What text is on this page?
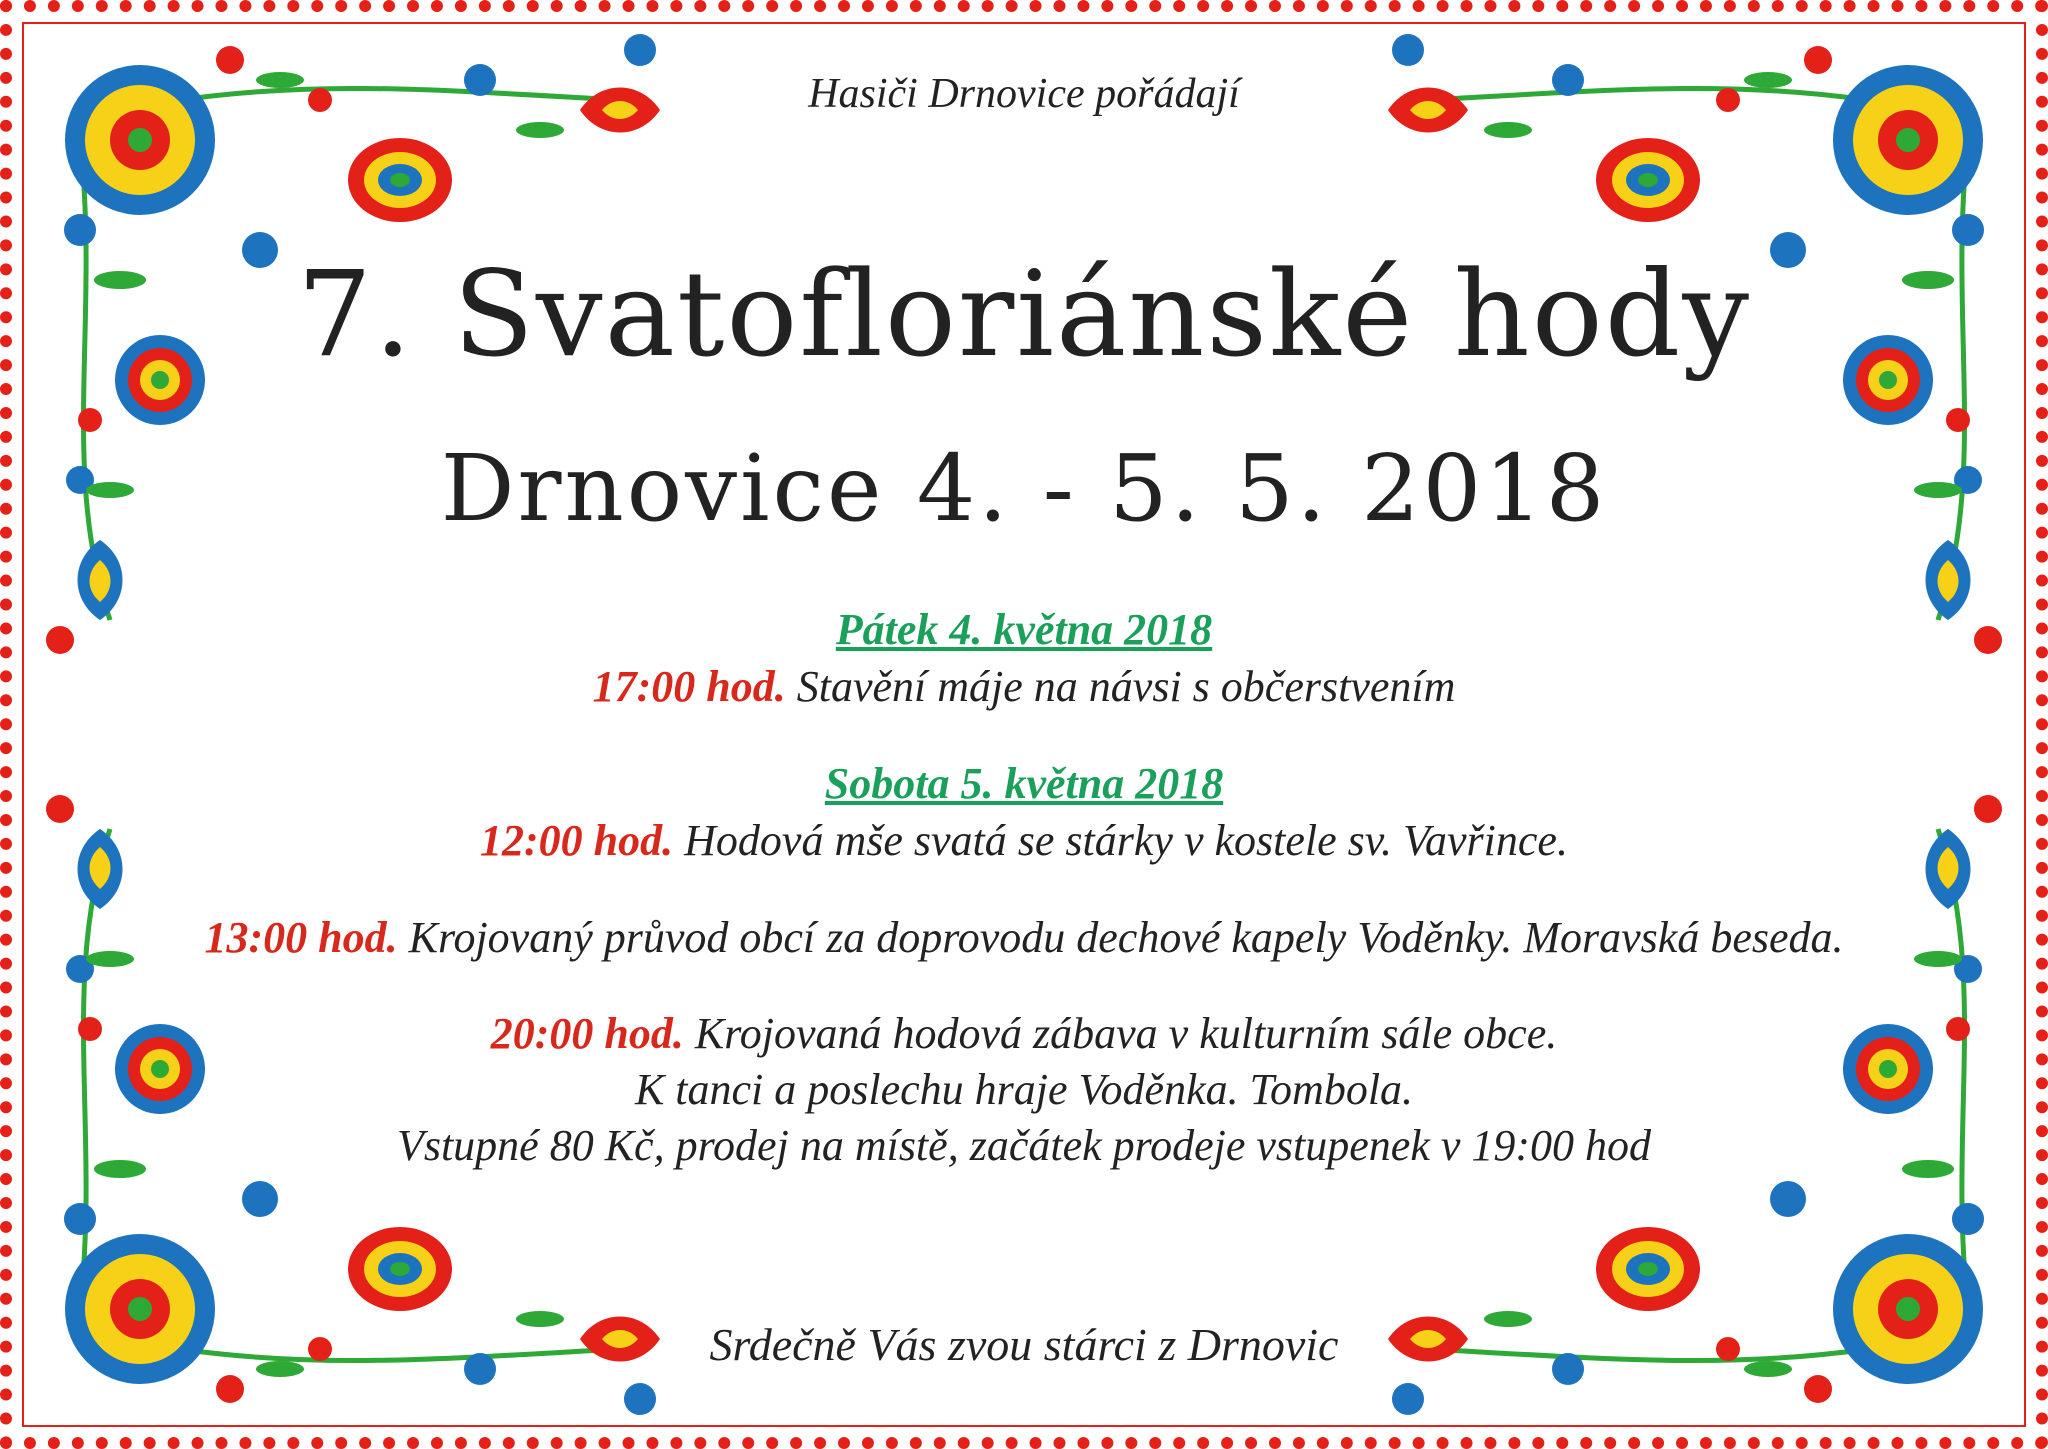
Hasiči Drnovice pořádají
7. Svatofloriánské hody
Drnovice 4. - 5. 5. 2018
Pátek 4. května 2018
17:00 hod. Stavění máje na návsi s občerstvením
Sobota 5. května 2018
12:00 hod. Hodová mše svatá se stárky v kostele sv. Vavřince.
13:00 hod. Krojovaný průvod obcí za doprovodu dechové kapely Voděnky. Moravská beseda.
20:00 hod. Krojovaná hodová zábava v kulturním sále obce.
K tanci a poslechu hraje Voděnka. Tombola.
Vstupné 80 Kč, prodej na místě, začátek prodeje vstupenek v 19:00 hod
Srdečně Vás zvou stárci z Drnovic
